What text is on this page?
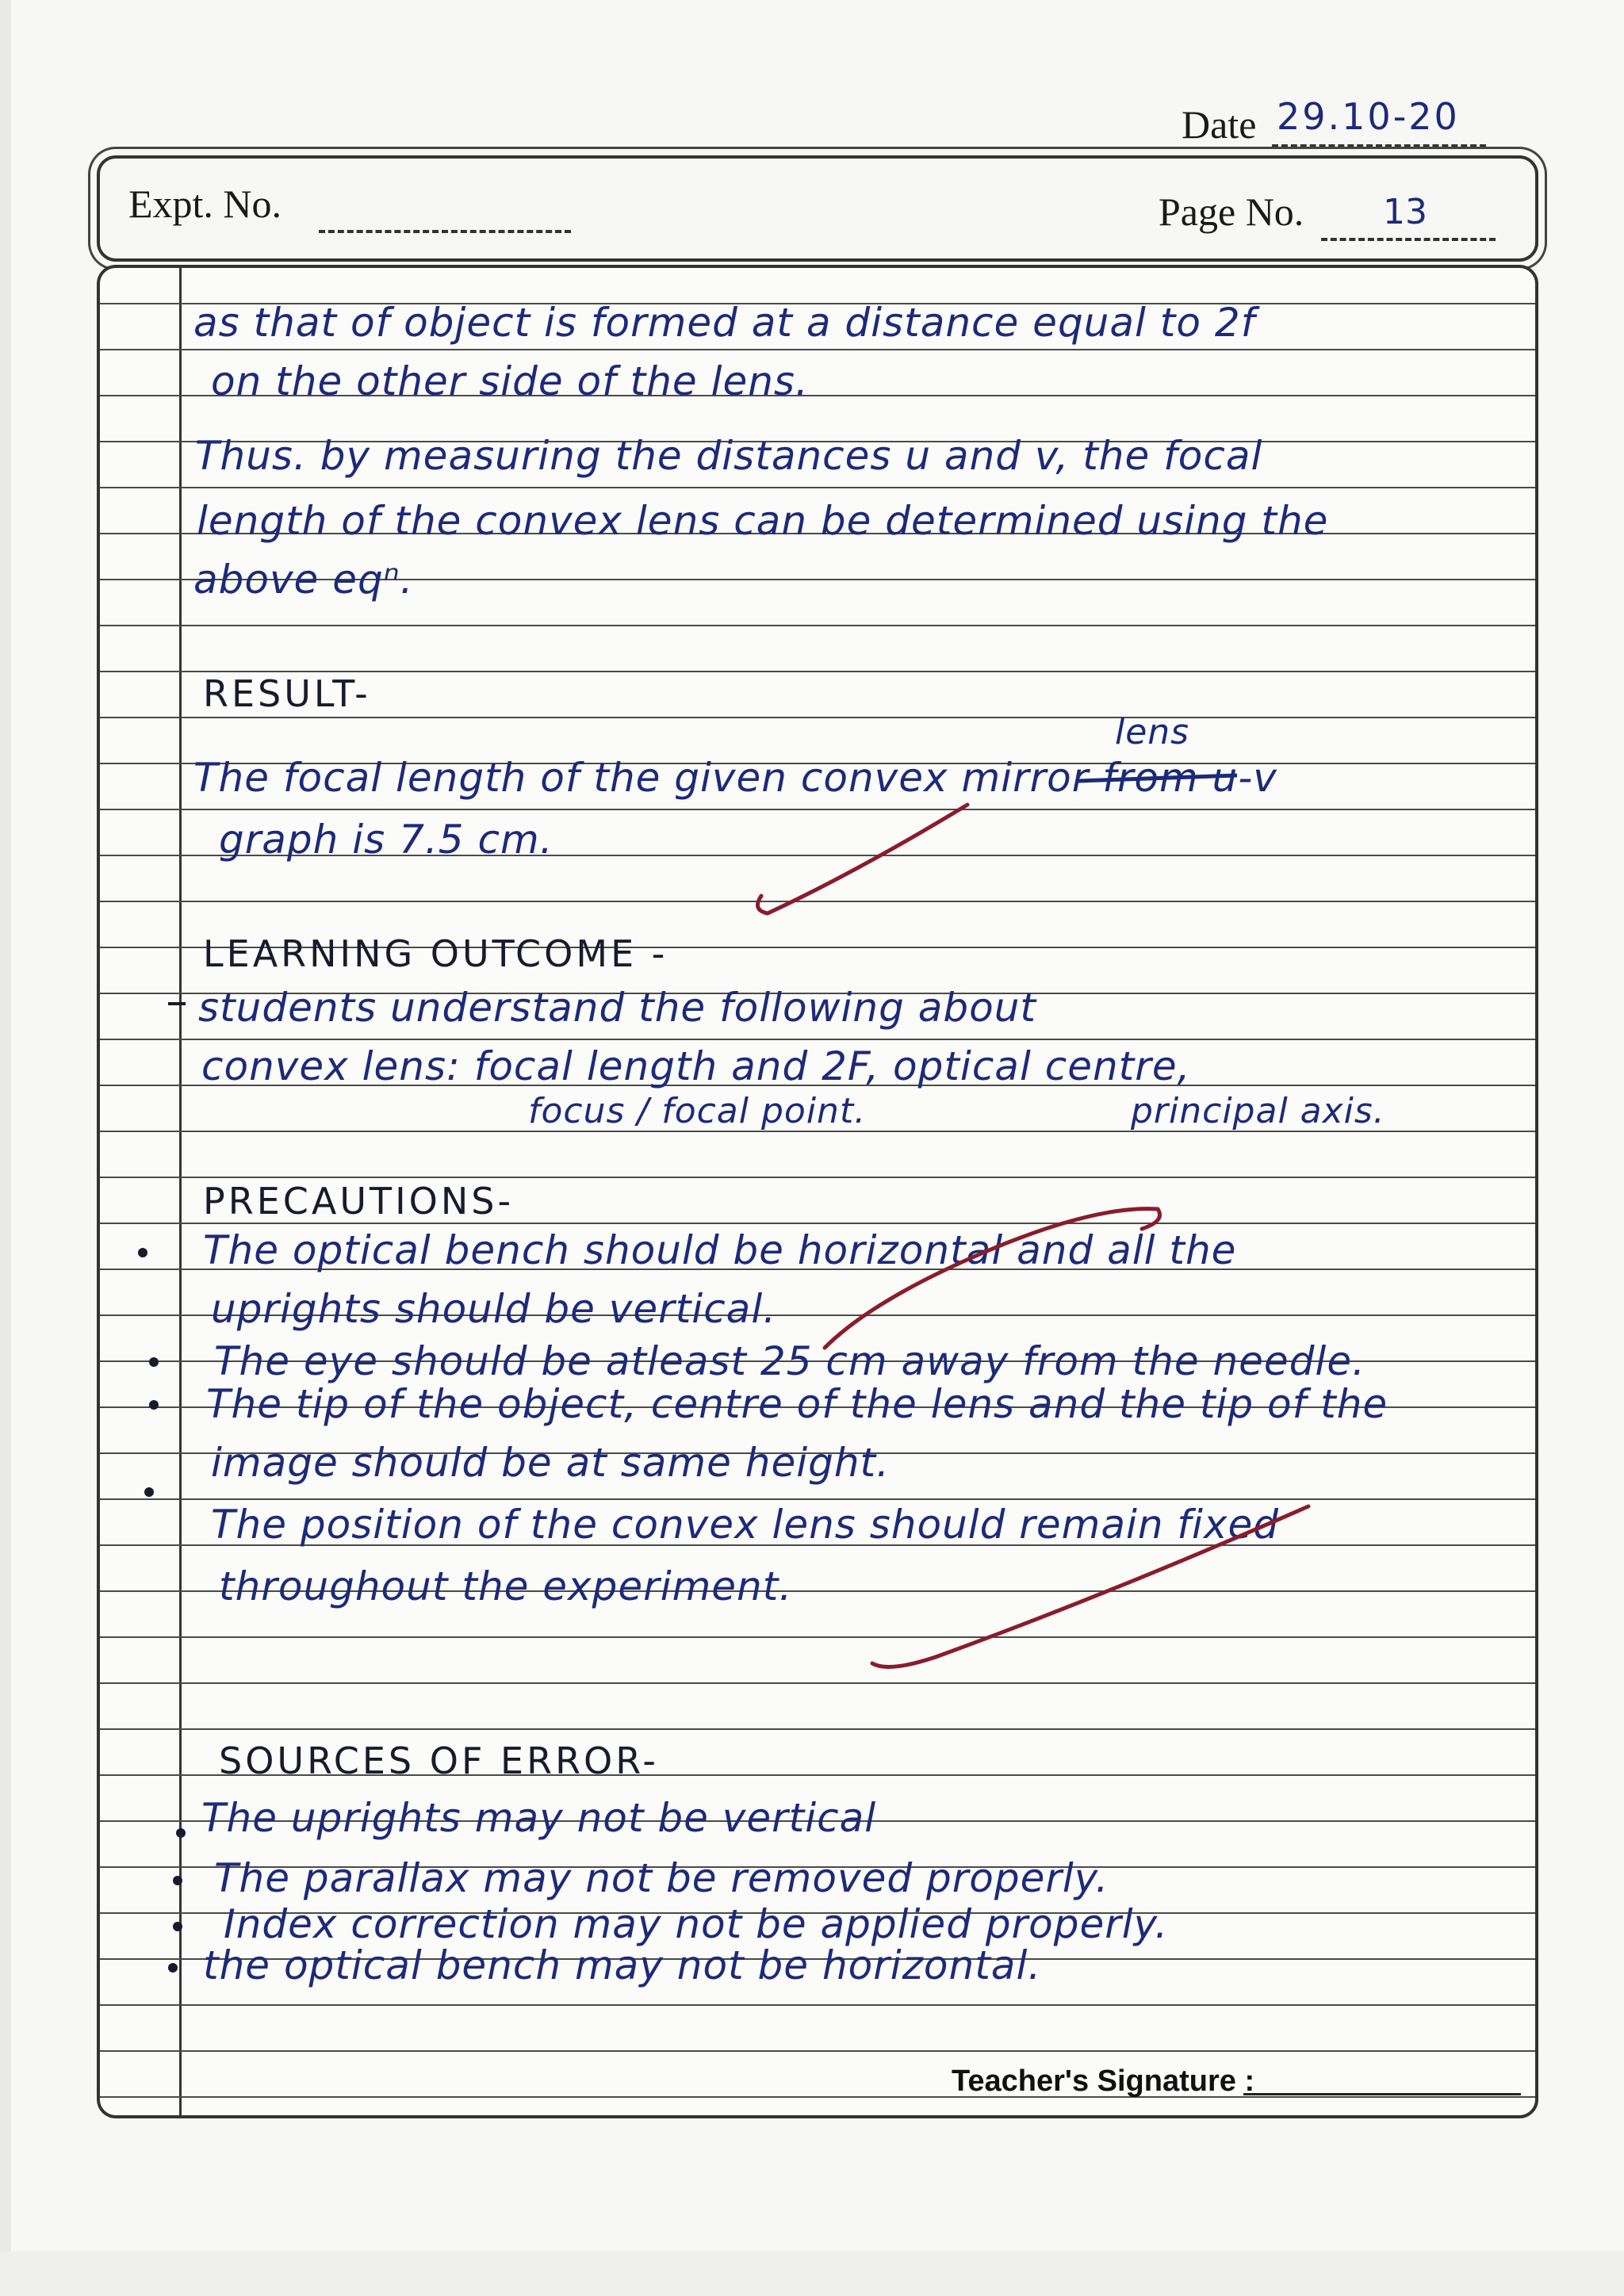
Date 29.10-20
Expt. No.	Page No. 13
as that of object is formed at a distance equal to 2f
on the other side of the lens.
Thus. by measuring the distances u and v, the focal
length of the convex lens can be determined using the
above eqⁿ.
RESULT-
lens
The focal length of the given convex mirror from u-v
graph is 7.5 cm.
LEARNING OUTCOME -
students understand the following about
convex lens: focal length and 2F, optical centre,
focus / focal point.	principal axis.
PRECAUTIONS-
The optical bench should be horizontal and all the
uprights should be vertical.
The eye should be atleast 25 cm away from the needle.
The tip of the object, centre of the lens and the tip of the
image should be at same height.
The position of the convex lens should remain fixed
throughout the experiment.
SOURCES OF ERROR-
The uprights may not be vertical
The parallax may not be removed properly.
Index correction may not be applied properly.
the optical bench may not be horizontal.
Teacher's Signature :
